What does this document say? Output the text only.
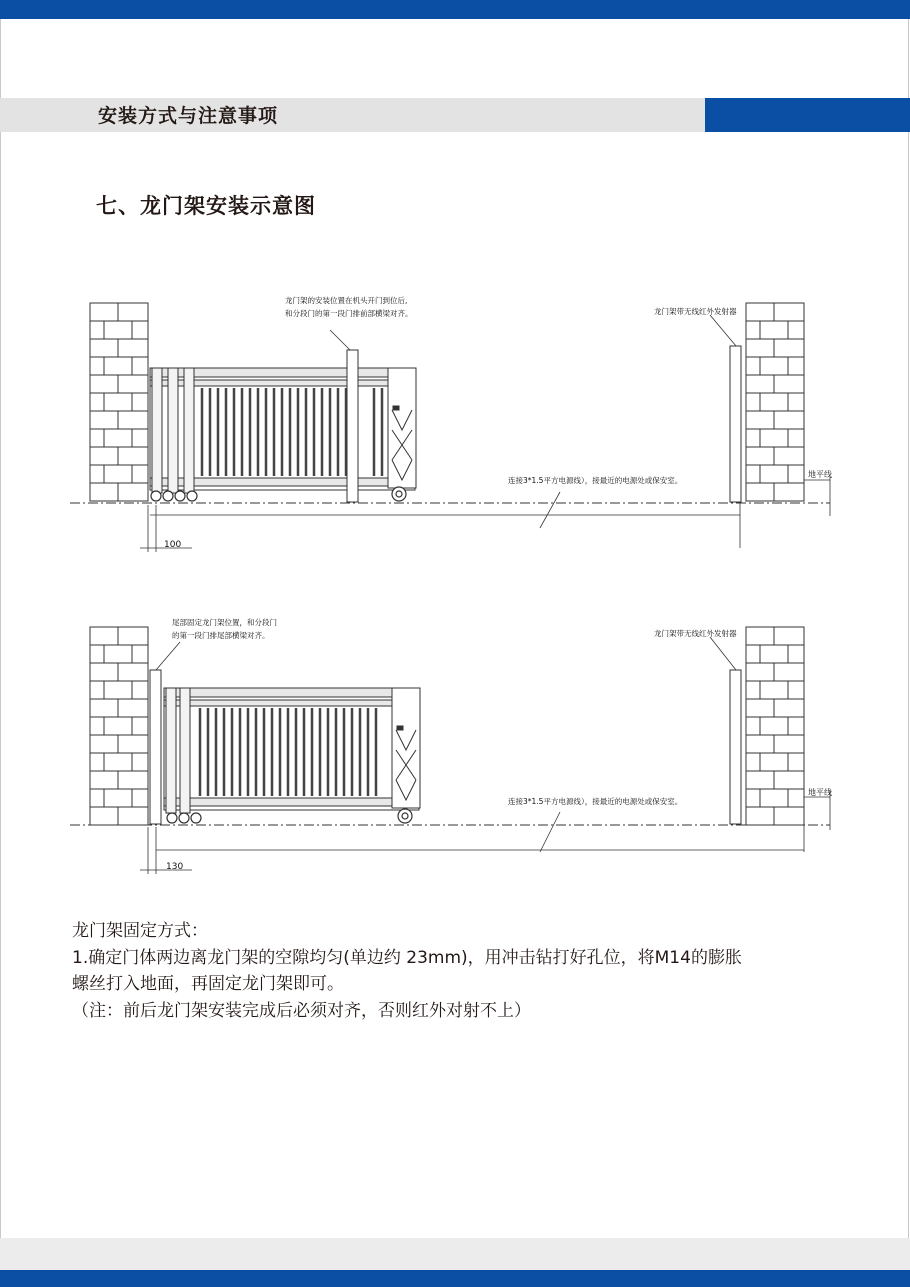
安装方式与注意事项
七、龙门架安装示意图
龙门架的安装位置在机头开门到位后,
和分段门的第一段门排前部横梁对齐。	龙门架带无线红外发射器
连接3*1.5平方电源线），接最近的电源处或保安室。
地平线
100
尾部固定龙门架位置，和分段门
的第一段门排尾部横梁对齐。	龙门架带无线红外发射器
连接3*1.5平方电源线），接最近的电源处或保安室。
地平线
130

龙门架固定方式：

1.确定门体两边离龙门架的空隙均匀(单边约 23mm)，用冲击钻打好孔位，将M14的膨胀

螺丝打入地面，再固定龙门架即可。

（注：前后龙门架安装完成后必须对齐，否则红外对射不上）
